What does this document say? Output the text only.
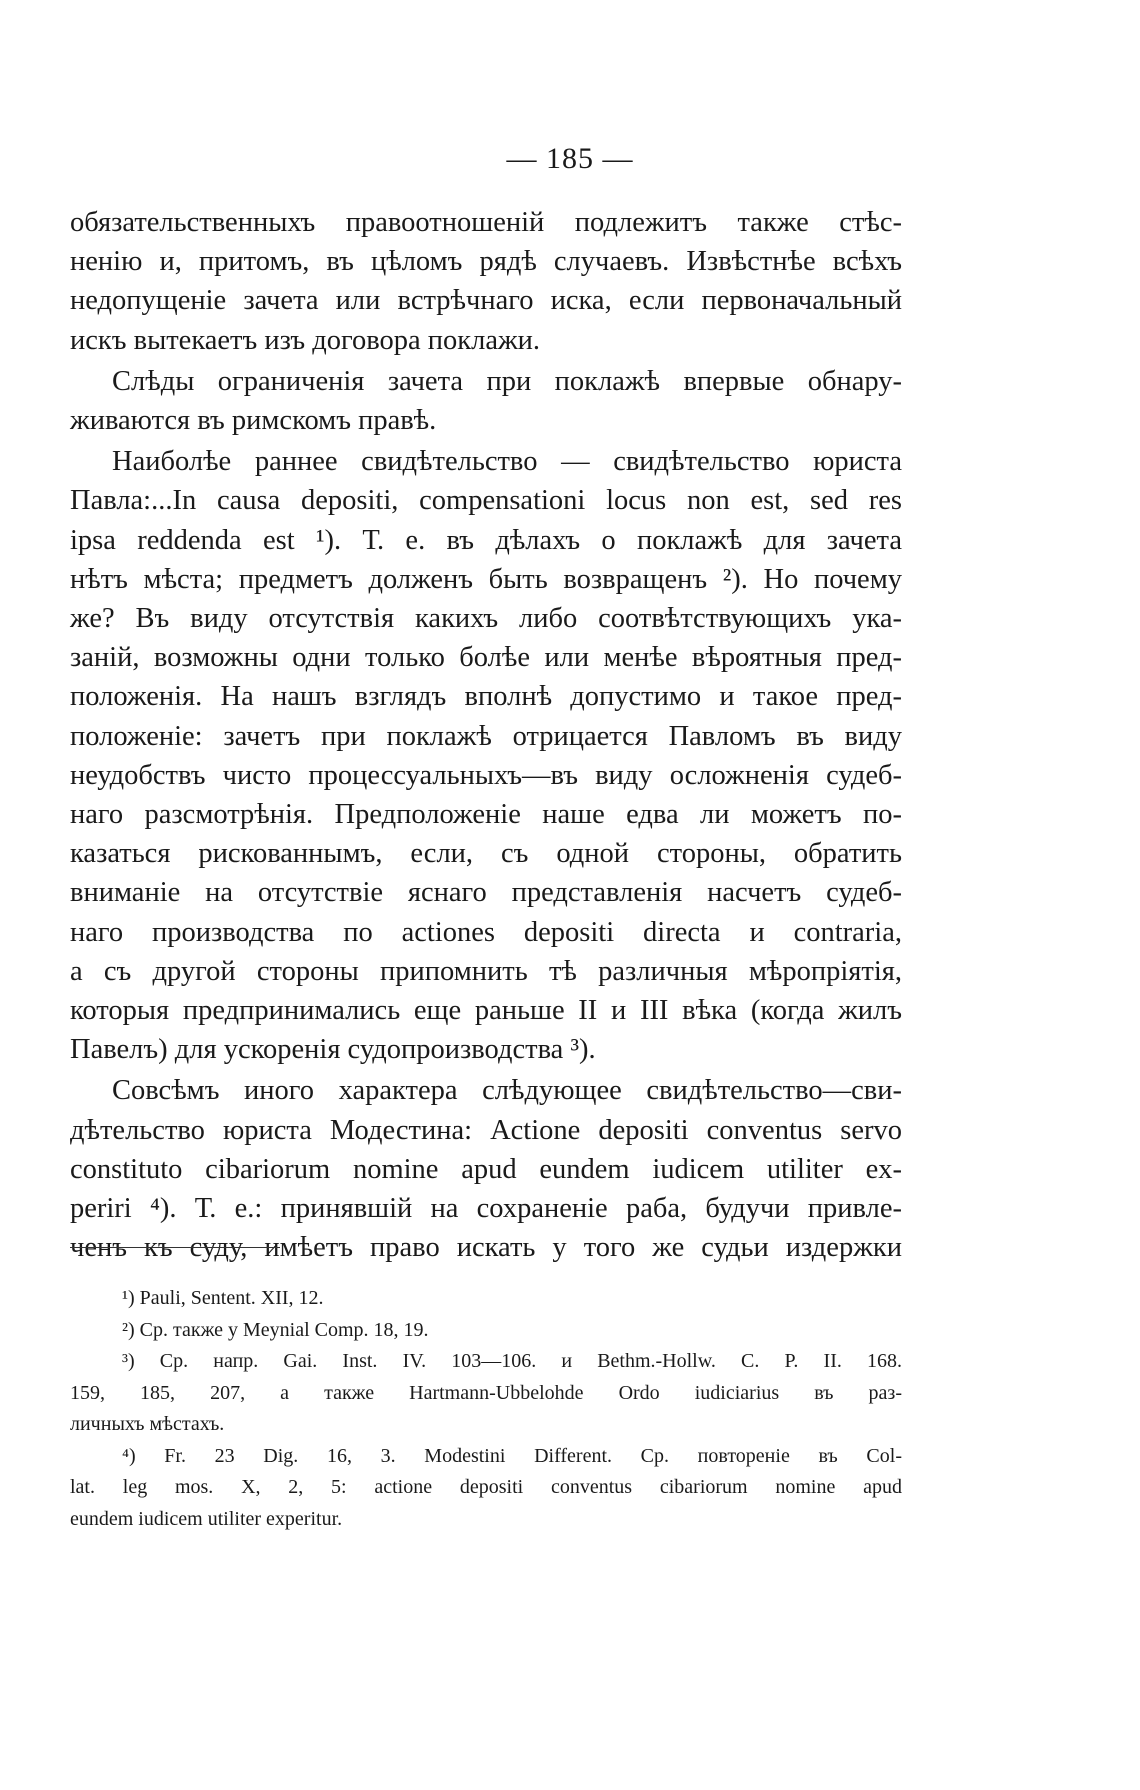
— 185 —

обязательственныхъ правоотношенiй подлежитъ также стѣс-
ненiю и, притомъ, въ цѣломъ рядѣ случаевъ. Извѣстнѣе всѣхъ
недопущенiе зачета или встрѣчнаго иска, если первоначальный
искъ вытекаетъ изъ договора поклажи.

Слѣды ограниченiя зачета при поклажѣ впервые обнару-
живаются въ римскомъ правѣ.

Наиболѣе раннее свидѣтельство — свидѣтельство юриста
Павла:...In causa depositi, compensationi locus non est, sed res
ipsa reddenda est ¹). Т. е. въ дѣлахъ о поклажѣ для зачета
нѣтъ мѣста; предметъ долженъ быть возвращенъ ²). Но почему
же? Въ виду отсутствiя какихъ либо соотвѣтствующихъ ука-
занiй, возможны одни только болѣе или менѣе вѣроятныя пред-
положенiя. На нашъ взглядъ вполнѣ допустимо и такое пред-
положенiе: зачетъ при поклажѣ отрицается Павломъ въ виду
неудобствъ чисто процессуальныхъ—въ виду осложненiя судеб-
наго разсмотрѣнiя. Предположенiе наше едва ли можетъ по-
казаться рискованнымъ, если, съ одной стороны, обратить
вниманiе на отсутствiе яснаго представленiя насчетъ судеб-
наго производства по actiones depositi directa и contraria,
а съ другой стороны припомнить тѣ различныя мѣропрiятiя,
которыя предпринимались еще раньше II и III вѣка (когда жилъ
Павелъ) для ускоренiя судопроизводства ³).

Совсѣмъ иного характера слѣдующее свидѣтельство—сви-
дѣтельство юриста Модестина: Actione depositi conventus servo
constituto cibariorum nomine apud eundem iudicem utiliter ex-
periri ⁴). Т. е.: принявшiй на сохраненiе раба, будучи привле-
ченъ къ суду, имѣетъ право искать у того же судьи издержки

¹) Pauli, Sentent. XII, 12.
²) Ср. также у Meynial Comp. 18, 19.
³) Ср. напр. Gai. Inst. IV. 103—106. и Bethm.-Hollw. C. P. II. 168.
159, 185, 207, а также Hartmann-Ubbelohde Ordo iudiciarius въ раз-
личныхъ мѣстахъ.
⁴) Fr. 23 Dig. 16, 3. Modestini Different. Ср. повторенiе въ Col-
lat. leg mos. X, 2, 5: actione depositi conventus cibariorum nomine apud
eundem iudicem utiliter experitur.
